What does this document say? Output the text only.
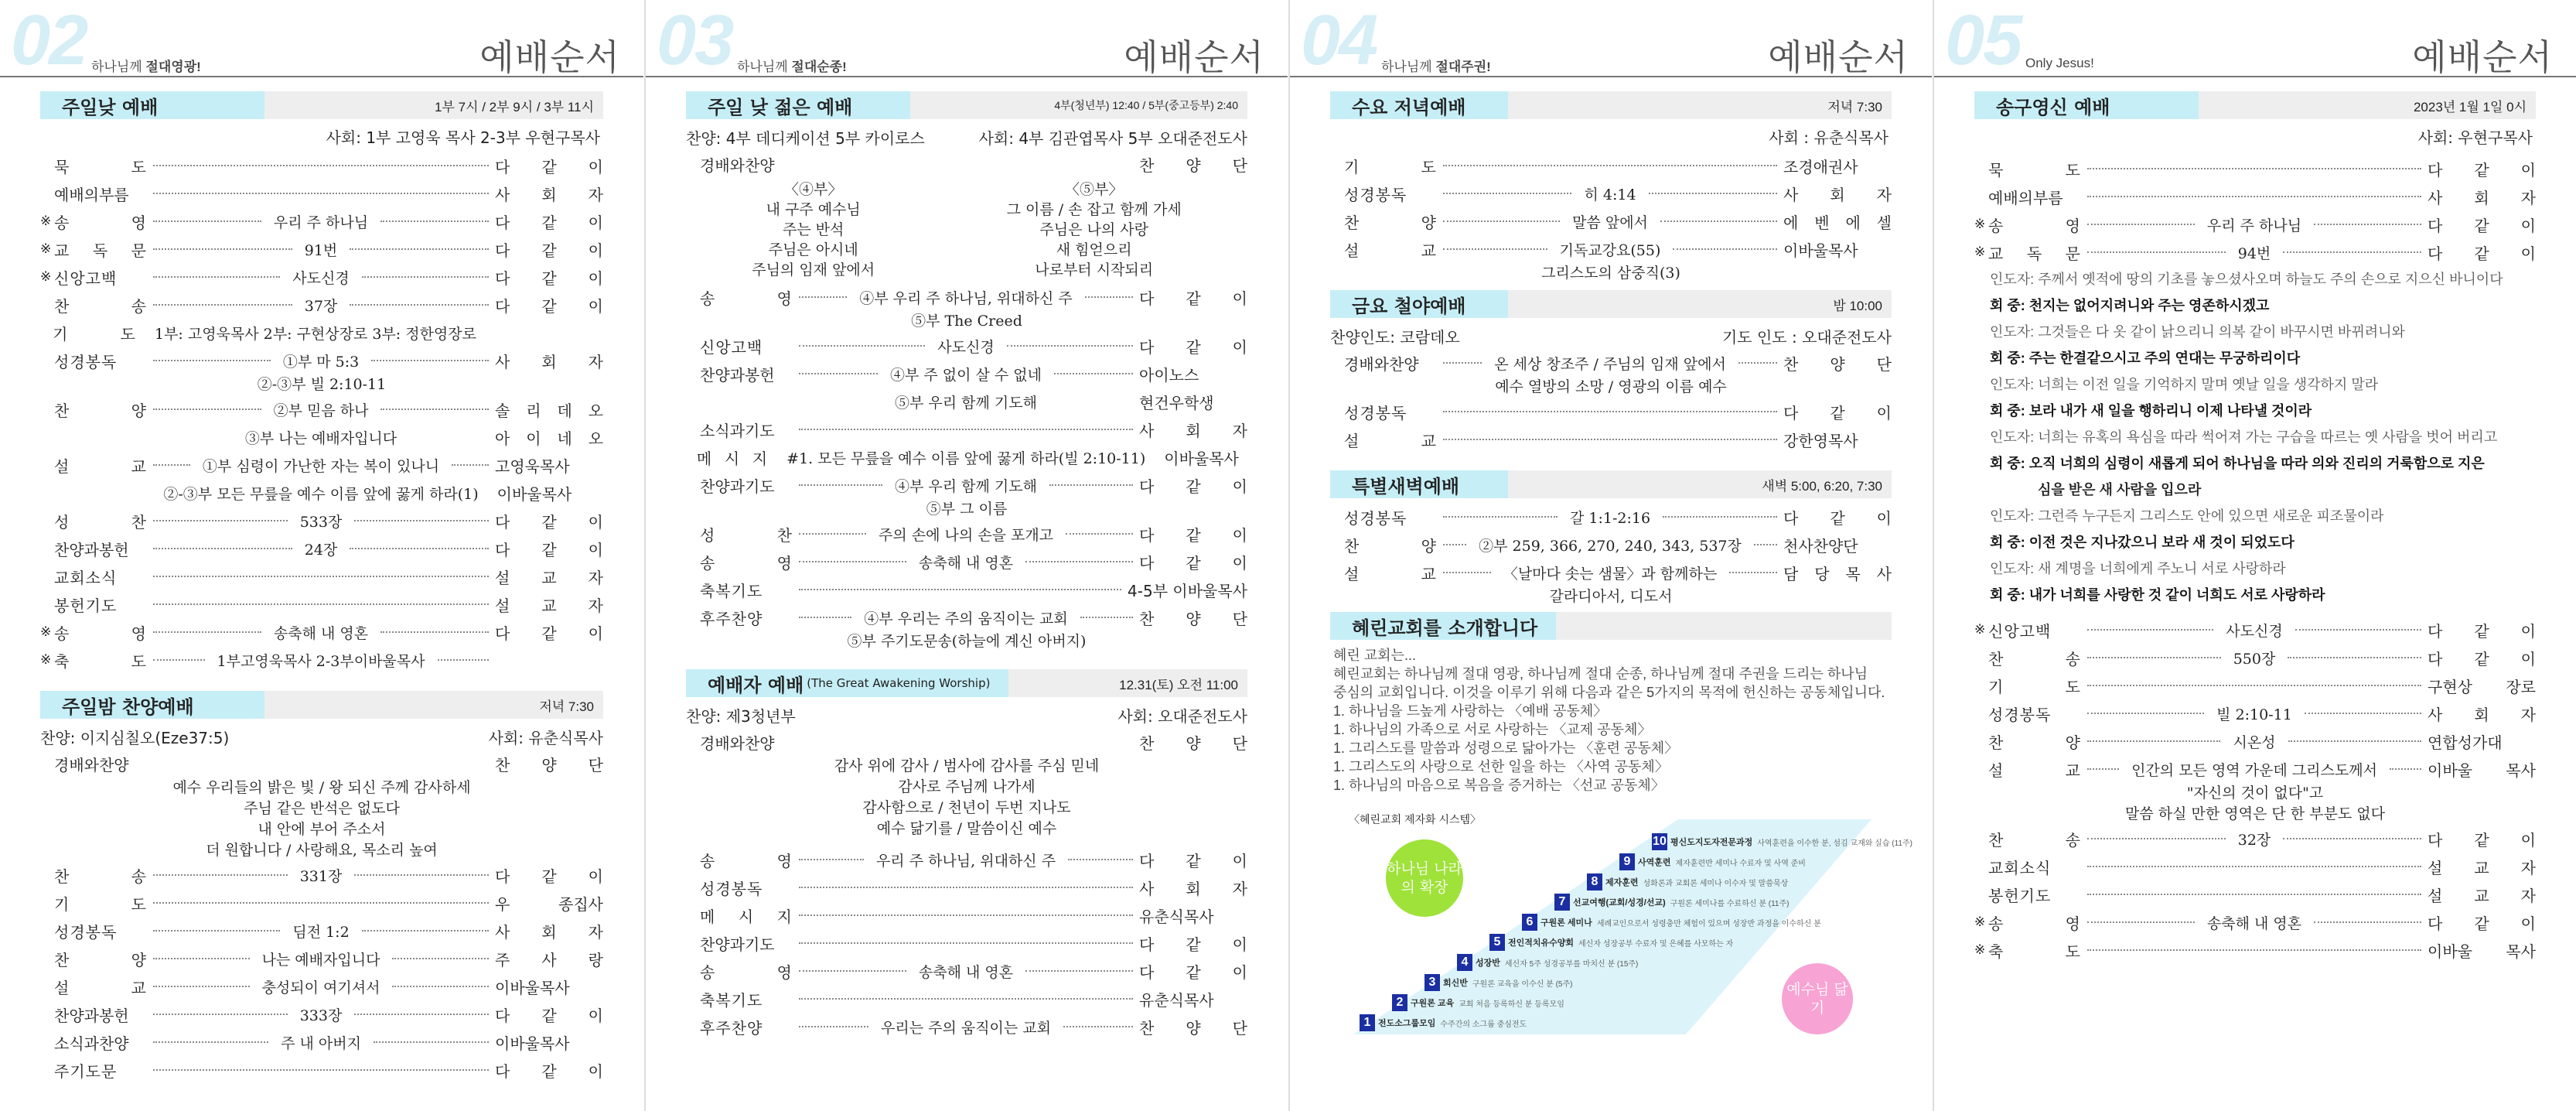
02 하나님께 절대영광!	예배순서
주일낮 예배	1부 7시 / 2부 9시 / 3부 11시
사회: 1부 고영욱 목사 2-3부 우현구목사
묵 도	다 같 이
예배의부름	사 회 자
※ 송 영	우리 주 하나님	다 같 이
※ 교 독 문	91번	다 같 이
※ 신앙고백	사도신경	다 같 이
찬 송	37장	다 같 이
기 도	1부: 고영욱목사 2부: 구현상장로 3부: 정한영장로
성경봉독	①부 마 5:3	사 회 자
②-③부 빌 2:10-11
찬 양	②부 믿음 하나	솔 리 데 오
③부 나는 예배자입니다	아 이 네 오
설 교	①부 심령이 가난한 자는 복이 있나니	고영욱목사
②-③부 모든 무릎을 예수 이름 앞에 꿇게 하라(1)	이바울목사
성 찬	533장	다 같 이
찬양과봉헌	24장	다 같 이
교회소식	설 교 자
봉헌기도	설 교 자
※ 송 영	송축해 내 영혼	다 같 이
※ 축 도	1부고영욱목사 2-3부이바울목사
주일밤 찬양예배	저녁 7:30
찬양: 이지심칠오(Eze37:5)	사회: 유춘식목사
경배와찬양	찬 양 단
예수 우리들의 밝은 빛 / 왕 되신 주께 감사하세
주님 같은 반석은 없도다
내 안에 부어 주소서
더 원합니다 / 사랑해요, 목소리 높여
찬 송	331장	다 같 이
기 도	우 종집사
성경봉독	딤전 1:2	사 회 자
찬 양	나는 예배자입니다	주 사 랑
설 교	충성되이 여기셔서	이바울목사
찬양과봉헌	333장	다 같 이
소식과찬양	주 내 아버지	이바울목사
주기도문	다 같 이
03 하나님께 절대순종!	예배순서
주일 낮 젊은 예배	4부(청년부) 12:40 / 5부(중고등부) 2:40
찬양: 4부 데디케이션 5부 카이로스	사회: 4부 김관엽목사 5부 오대준전도사
경배와찬양	찬 양 단
〈④부〉
내 구주 예수님
주는 반석
주님은 아시네
주님의 임재 앞에서
〈⑤부〉
그 이름 / 손 잡고 함께 가세
주님은 나의 사랑
새 힘얻으리
나로부터 시작되리
송 영	④부 우리 주 하나님, 위대하신 주	다 같 이
⑤부 The Creed
신앙고백	사도신경	다 같 이
찬양과봉헌	④부 주 없이 살 수 없네	아이노스
⑤부 우리 함께 기도해	현건우학생
소식과기도	사 회 자
메 시 지	#1. 모든 무릎을 예수 이름 앞에 꿇게 하라(빌 2:10-11)	이바울목사
찬양과기도	④부 우리 함께 기도해	다 같 이
⑤부 그 이름
성 찬	주의 손에 나의 손을 포개고	다 같 이
송 영	송축해 내 영혼	다 같 이
축복기도	4-5부 이바울목사
후주찬양	④부 우리는 주의 움직이는 교회	찬 양 단
⑤부 주기도문송(하늘에 계신 아버지)
예배자 예배 (The Great Awakening Worship)	12.31(토) 오전 11:00
찬양: 제3청년부	사회: 오대준전도사
경배와찬양	찬 양 단
감사 위에 감사 / 범사에 감사를 주심 믿네
감사로 주님께 나가세
감사함으로 / 천년이 두번 지나도
예수 닮기를 / 말씀이신 예수
송 영	우리 주 하나님, 위대하신 주	다 같 이
성경봉독	사 회 자
메 시 지	유춘식목사
찬양과기도	다 같 이
송 영	송축해 내 영혼	다 같 이
축복기도	유춘식목사
후주찬양	우리는 주의 움직이는 교회	찬 양 단
04 하나님께 절대주권!	예배순서
수요 저녁예배	저녁 7:30
사회 : 유춘식목사
기 도	조경애권사
성경봉독	히 4:14	사 회 자
찬 양	말씀 앞에서	에 벤 에 셀
설 교	기독교강요(55)	이바울목사
그리스도의 삼중직(3)
금요 철야예배	밤 10:00
찬양인도: 코람데오	기도 인도 : 오대준전도사
경배와찬양	온 세상 창조주 / 주님의 임재 앞에서	찬 양 단
예수 열방의 소망 / 영광의 이름 예수
성경봉독	다 같 이
설 교	강한영목사
특별새벽예배	새벽 5:00, 6:20, 7:30
성경봉독	갈 1:1-2:16	다 같 이
찬 양	②부 259, 366, 270, 240, 343, 537장	천사찬양단
설 교	〈날마다 솟는 샘물〉과 함께하는	담 당 목 사
갈라디아서, 디도서
혜린교회를 소개합니다
혜린 교회는...
혜린교회는 하나님께 절대 영광, 하나님께 절대 순종, 하나님께 절대 주권을 드리는 하나님
중심의 교회입니다. 이것을 이루기 위해 다음과 같은 5가지의 목적에 헌신하는 공동체입니다.
1. 하나님을 드높게 사랑하는 〈예배 공동체〉
1. 하나님의 가족으로 서로 사랑하는 〈교제 공동체〉
1. 그리스도를 말씀과 성령으로 닮아가는 〈훈련 공동체〉
1. 그리스도의 사랑으로 선한 일을 하는 〈사역 공동체〉
1. 하나님의 마음으로 복음을 증거하는 〈선교 공동체〉
〈혜린교회 제자화 시스템〉
하나님 나라의 확장
예수님 닮기
1 전도소그룹모임 수주간의 소그룹 중심전도
2 구원론 교육 교회 처음 등록하신 분 등록모임
3 회신반 구원론 교육을 이수신 분 (5주)
4 성장반 세신자 5주 성경공부를 마치신 분 (15주)
5 전인적치유수양회 세신자 성장공부 수료자 및 은혜를 사모하는 자
6 구원론 세미나 세례교인으로서 성령충만 체험이 있으며 성장반 과정을 이수하신 분
7 선교여행(교회/성경/선교) 구원론 세미나를 수료하신 분 (11주)
8 제자훈련 성화론과 교회론 세미나 이수자 및 말씀묵상
9 사역훈련 제자훈련반 세미나 수료자 및 사역 준비
10 평신도지도자전문과정 사역훈련을 이수한 분, 섬김 교재와 실습 (11주)
05 Only Jesus!	예배순서
송구영신 예배	2023년 1월 1일 0시
사회: 우현구목사
묵 도	다 같 이
예배의부름	사 회 자
※ 송 영	우리 주 하나님	다 같 이
※ 교 독 문	94번	다 같 이
인도자: 주께서 옛적에 땅의 기초를 놓으셨사오며 하늘도 주의 손으로 지으신 바니이다
회 중: 천지는 없어지려니와 주는 영존하시겠고
인도자: 그것들은 다 옷 같이 낡으리니 의복 같이 바꾸시면 바뀌려니와
회 중: 주는 한결같으시고 주의 연대는 무궁하리이다
인도자: 너희는 이전 일을 기억하지 말며 옛날 일을 생각하지 말라
회 중: 보라 내가 새 일을 행하리니 이제 나타낼 것이라
인도자: 너희는 유혹의 욕심을 따라 썩어져 가는 구습을 따르는 옛 사람을 벗어 버리고
회 중: 오직 너희의 심령이 새롭게 되어 하나님을 따라 의와 진리의 거룩함으로 지은
심을 받은 새 사람을 입으라
인도자: 그런즉 누구든지 그리스도 안에 있으면 새로운 피조물이라
회 중: 이전 것은 지나갔으니 보라 새 것이 되었도다
인도자: 새 계명을 너희에게 주노니 서로 사랑하라
회 중: 내가 너희를 사랑한 것 같이 너희도 서로 사랑하라
※ 신앙고백	사도신경	다 같 이
찬 송	550장	다 같 이
기 도	구현상 장로
성경봉독	빌 2:10-11	사 회 자
찬 양	시온성	연합성가대
설 교	인간의 모든 영역 가운데 그리스도께서	이바울 목사
"자신의 것이 없다"고
말씀 하실 만한 영역은 단 한 부분도 없다
찬 송	32장	다 같 이
교회소식	설 교 자
봉헌기도	설 교 자
※ 송 영	송축해 내 영혼	다 같 이
※ 축 도	이바울 목사
